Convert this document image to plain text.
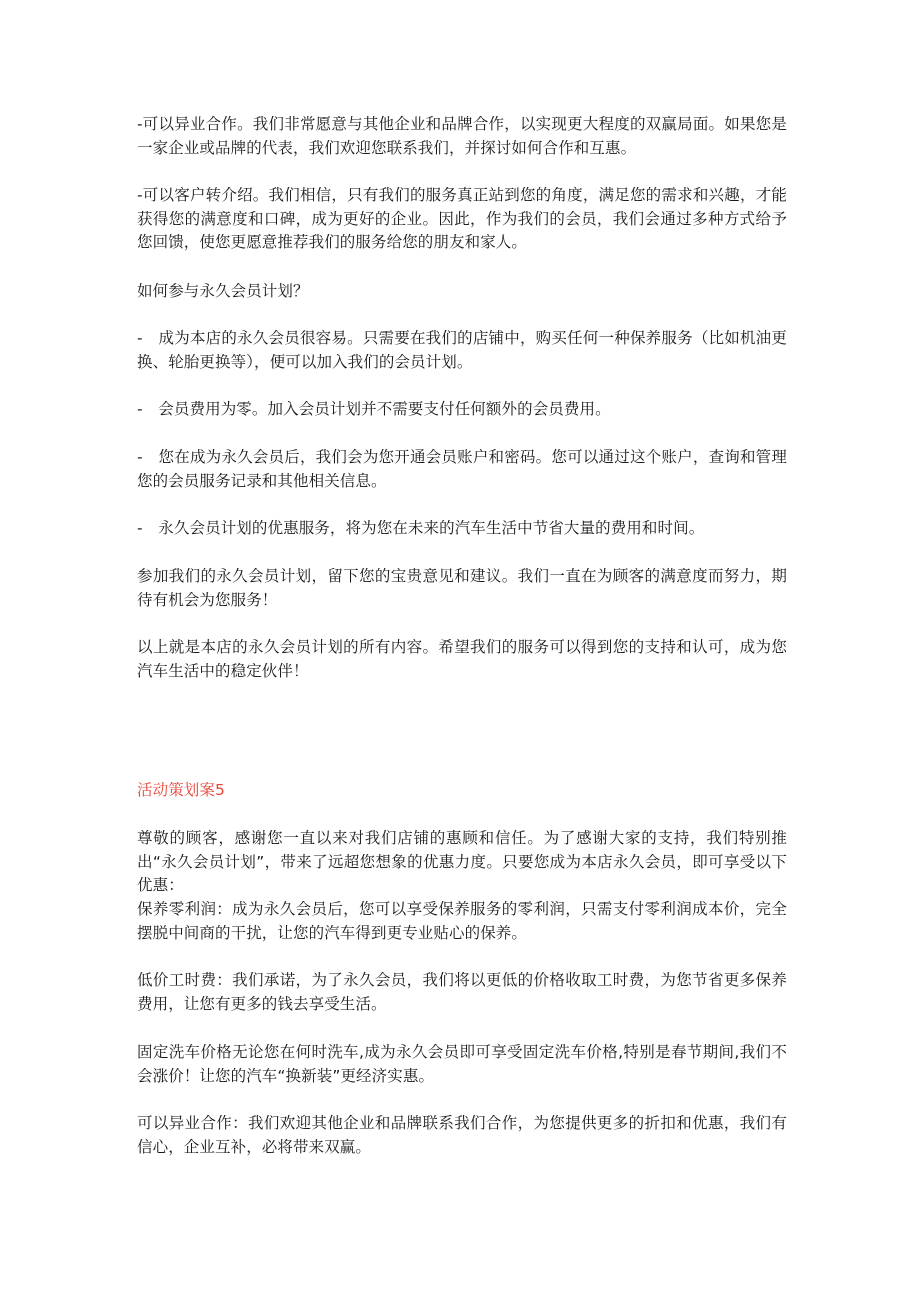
-可以异业合作。我们非常愿意与其他企业和品牌合作，以实现更大程度的双赢局面。如果您是一家企业或品牌的代表，我们欢迎您联系我们，并探讨如何合作和互惠。

-可以客户转介绍。我们相信，只有我们的服务真正站到您的角度，满足您的需求和兴趣，才能获得您的满意度和口碑，成为更好的企业。因此，作为我们的会员，我们会通过多种方式给予您回馈，使您更愿意推荐我们的服务给您的朋友和家人。

如何参与永久会员计划？

-　成为本店的永久会员很容易。只需要在我们的店铺中，购买任何一种保养服务（比如机油更换、轮胎更换等），便可以加入我们的会员计划。

-　会员费用为零。加入会员计划并不需要支付任何额外的会员费用。

-　您在成为永久会员后，我们会为您开通会员账户和密码。您可以通过这个账户，查询和管理您的会员服务记录和其他相关信息。

-　永久会员计划的优惠服务，将为您在未来的汽车生活中节省大量的费用和时间。

参加我们的永久会员计划，留下您的宝贵意见和建议。我们一直在为顾客的满意度而努力，期待有机会为您服务！

以上就是本店的永久会员计划的所有内容。希望我们的服务可以得到您的支持和认可，成为您汽车生活中的稳定伙伴！

活动策划案5

尊敬的顾客，感谢您一直以来对我们店铺的惠顾和信任。为了感谢大家的支持，我们特别推出“永久会员计划”，带来了远超您想象的优惠力度。只要您成为本店永久会员，即可享受以下优惠：

保养零利润：成为永久会员后，您可以享受保养服务的零利润，只需支付零利润成本价，完全摆脱中间商的干扰，让您的汽车得到更专业贴心的保养。

低价工时费：我们承诺，为了永久会员，我们将以更低的价格收取工时费，为您节省更多保养费用，让您有更多的钱去享受生活。

固定洗车价格无论您在何时洗车,成为永久会员即可享受固定洗车价格,特别是春节期间,我们不会涨价！让您的汽车“换新装”更经济实惠。

可以异业合作：我们欢迎其他企业和品牌联系我们合作，为您提供更多的折扣和优惠，我们有信心，企业互补，必将带来双赢。
